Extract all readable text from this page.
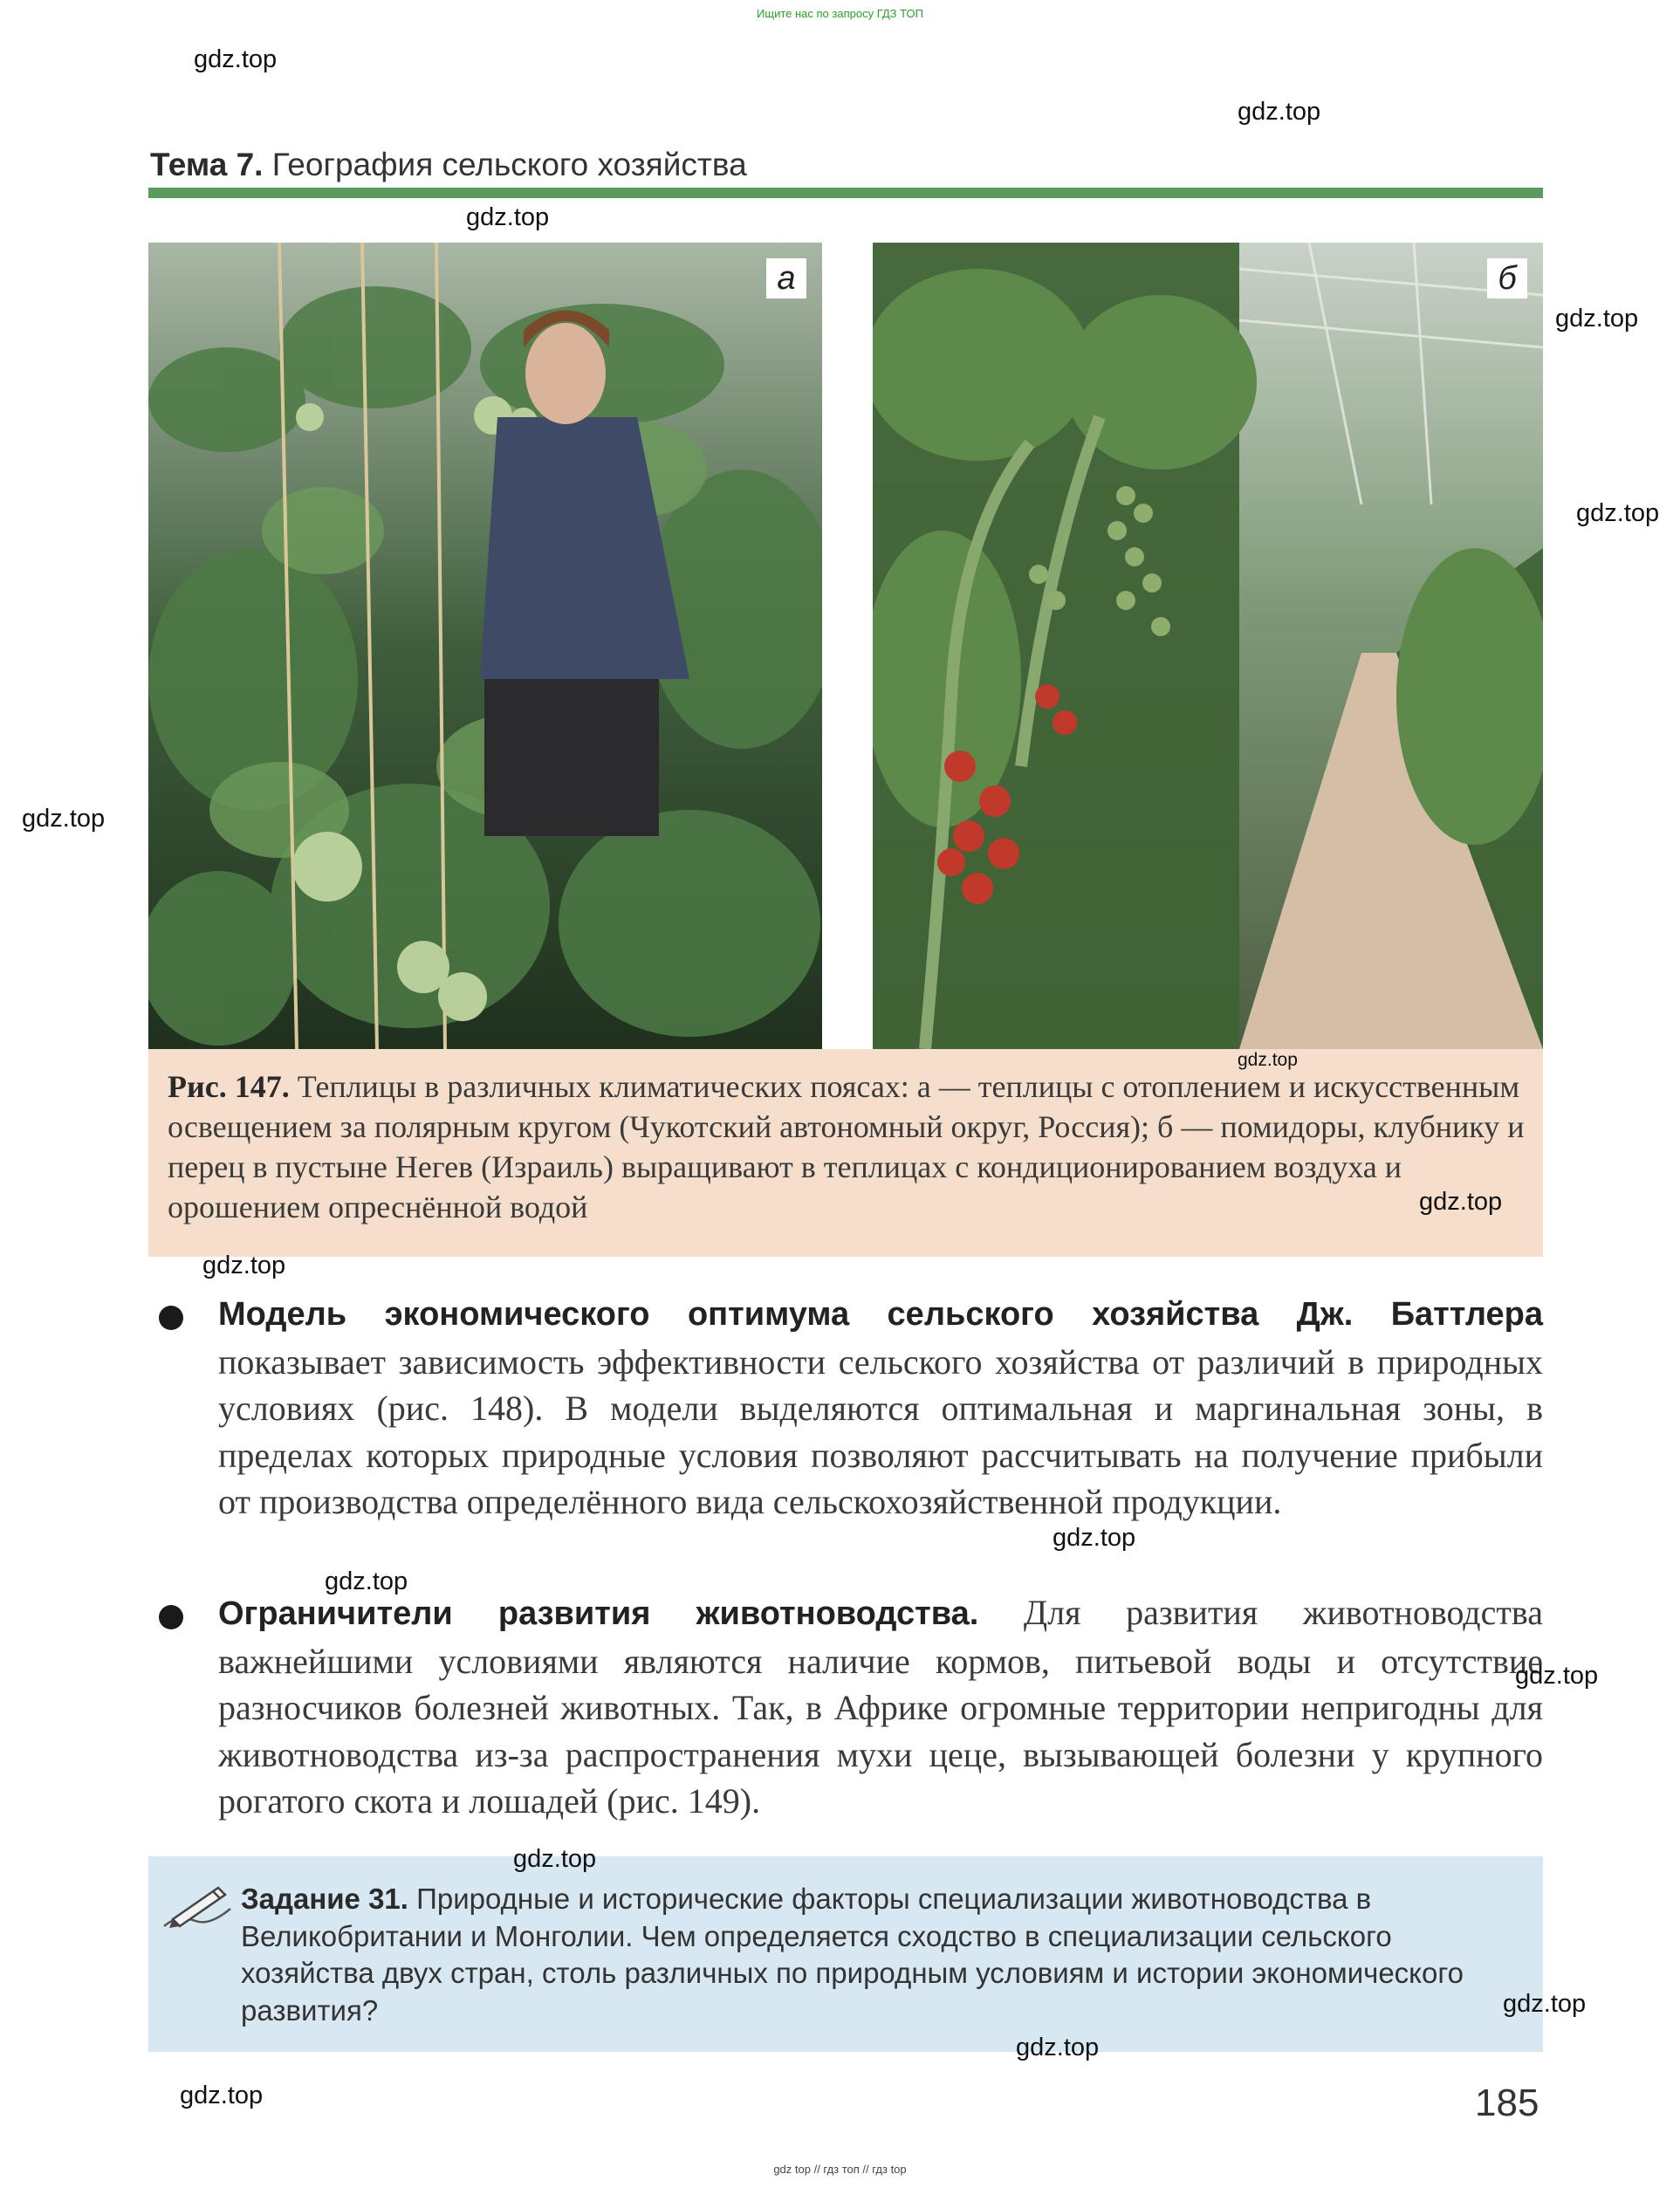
Ищите нас по запросу ГДЗ ТОП
Тема 7. География сельского хозяйства
а	б

Рис. 147. Теплицы в различных климатических поясах: а — теплицы с отоплением и искусственным освещением за полярным кругом (Чукотский автономный округ, Россия); б — помидоры, клубнику и перец в пустыне Негев (Израиль) выращивают в теплицах с кондиционированием воздуха и орошением опреснённой водой

Модель экономического оптимума сельского хозяйства Дж. Баттлера показывает зависимость эффективности сельского хозяйства от различий в природных условиях (рис. 148). В модели выделяются оптимальная и маргинальная зоны, в пределах которых природные условия позволяют рассчитывать на получение прибыли от производства определённого вида сельскохозяйственной продукции.
Ограничители развития животноводства. Для развития животноводства важнейшими условиями являются наличие кормов, питьевой воды и отсутствие разносчиков болезней животных. Так, в Африке огромные территории непригодны для животноводства из-за распространения мухи цеце, вызывающей болезни у крупного рогатого скота и лошадей (рис. 149).

Задание 31. Природные и исторические факторы специализации животноводства в Великобритании и Монголии. Чем определяется сходство в специализации сельского хозяйства двух стран, столь различных по природным условиям и истории экономического развития?

185
gdz top // гдз топ // гдз top
gdz.top
gdz.top
gdz.top
gdz.top
gdz.top
gdz.top
gdz.top
gdz.top
gdz.top
gdz.top
gdz.top
gdz.top
gdz.top
gdz.top
gdz.top
gdz.top
